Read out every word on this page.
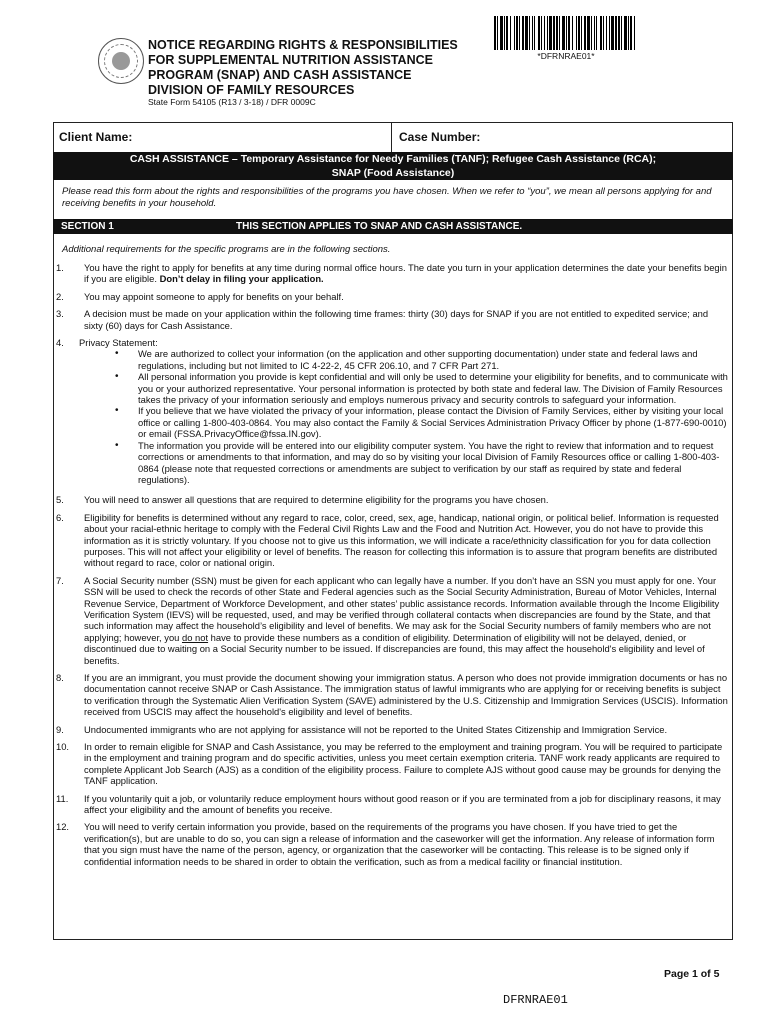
NOTICE REGARDING RIGHTS & RESPONSIBILITIES
FOR SUPPLEMENTAL NUTRITION ASSISTANCE
PROGRAM (SNAP) AND CASH ASSISTANCE
DIVISION OF FAMILY RESOURCES
State Form 54105 (R13 / 3-18) / DFR 0009C
*DFRNRAE01*
Client Name:	Case Number:
CASH ASSISTANCE – Temporary Assistance for Needy Families (TANF); Refugee Cash Assistance (RCA);
SNAP (Food Assistance)
Please read this form about the rights and responsibilities of the programs you have chosen. When we refer to “you”, we mean all persons applying for and receiving benefits in your household.
SECTION 1	THIS SECTION APPLIES TO SNAP AND CASH ASSISTANCE.
Additional requirements for the specific programs are in the following sections.
1. You have the right to apply for benefits at any time during normal office hours. The date you turn in your application determines the date your benefits begin if you are eligible. Don’t delay in filing your application.
2. You may appoint someone to apply for benefits on your behalf.
3. A decision must be made on your application within the following time frames: thirty (30) days for SNAP if you are not entitled to expedited service; and sixty (60) days for Cash Assistance.
4. Privacy Statement:
• We are authorized to collect your information (on the application and other supporting documentation) under state and federal laws and regulations, including but not limited to IC 4-22-2, 45 CFR 206.10, and 7 CFR Part 271.
• All personal information you provide is kept confidential and will only be used to determine your eligibility for benefits, and to communicate with you or your authorized representative. Your personal information is protected by both state and federal law. The Division of Family Resources takes the privacy of your information seriously and employs numerous privacy and security controls to safeguard your information.
• If you believe that we have violated the privacy of your information, please contact the Division of Family Services, either by visiting your local office or calling 1-800-403-0864. You may also contact the Family & Social Services Administration Privacy Officer by phone (1-877-690-0010) or email (FSSA.PrivacyOffice@fssa.IN.gov).
• The information you provide will be entered into our eligibility computer system. You have the right to review that information and to request corrections or amendments to that information, and may do so by visiting your local Division of Family Resources office or calling 1-800-403-0864 (please note that requested corrections or amendments are subject to verification by our staff as required by state and federal regulations).
5. You will need to answer all questions that are required to determine eligibility for the programs you have chosen.
6. Eligibility for benefits is determined without any regard to race, color, creed, sex, age, handicap, national origin, or political belief. Information is requested about your racial-ethnic heritage to comply with the Federal Civil Rights Law and the Food and Nutrition Act. However, you do not have to provide this information as it is strictly voluntary. If you choose not to give us this information, we will indicate a race/ethnicity classification for you for data collection purposes. This will not affect your eligibility or level of benefits. The reason for collecting this information is to assure that program benefits are distributed without regard to race, color or national origin.
7. A Social Security number (SSN) must be given for each applicant who can legally have a number. If you don’t have an SSN you must apply for one. Your SSN will be used to check the records of other State and Federal agencies such as the Social Security Administration, Bureau of Motor Vehicles, Internal Revenue Service, Department of Workforce Development, and other states’ public assistance records. Information available through the Income Eligibility Verification System (IEVS) will be requested, used, and may be verified through collateral contacts when discrepancies are found by the State, and that such information may affect the household’s eligibility and level of benefits. We may ask for the Social Security numbers of family members who are not applying; however, you do not have to provide these numbers as a condition of eligibility. Determination of eligibility will not be delayed, denied, or discontinued due to waiting on a Social Security number to be issued. If discrepancies are found, this may affect the household's eligibility and level of benefits.
8. If you are an immigrant, you must provide the document showing your immigration status. A person who does not provide immigration documents or has no documentation cannot receive SNAP or Cash Assistance. The immigration status of lawful immigrants who are applying for or receiving benefits is subject to verification through the Systematic Alien Verification System (SAVE) administered by the U.S. Citizenship and Immigration Services (USCIS). Information received from USCIS may affect the household's eligibility and level of benefits.
9. Undocumented immigrants who are not applying for assistance will not be reported to the United States Citizenship and Immigration Service.
10. In order to remain eligible for SNAP and Cash Assistance, you may be referred to the employment and training program. You will be required to participate in the employment and training program and do specific activities, unless you meet certain exemption criteria. TANF work ready applicants are required to complete Applicant Job Search (AJS) as a condition of the eligibility process. Failure to complete AJS without good cause may be grounds for denying the TANF application.
11. If you voluntarily quit a job, or voluntarily reduce employment hours without good reason or if you are terminated from a job for disciplinary reasons, it may affect your eligibility and the amount of benefits you receive.
12. You will need to verify certain information you provide, based on the requirements of the programs you have chosen. If you have tried to get the verification(s), but are unable to do so, you can sign a release of information and the caseworker will get the information. Any release of information form that you sign must have the name of the person, agency, or organization that the caseworker will be contacting. This release is to be signed only if confidential information needs to be shared in order to obtain the verification, such as from a medical facility or financial institution.
Page 1 of 5
DFRNRAE01
